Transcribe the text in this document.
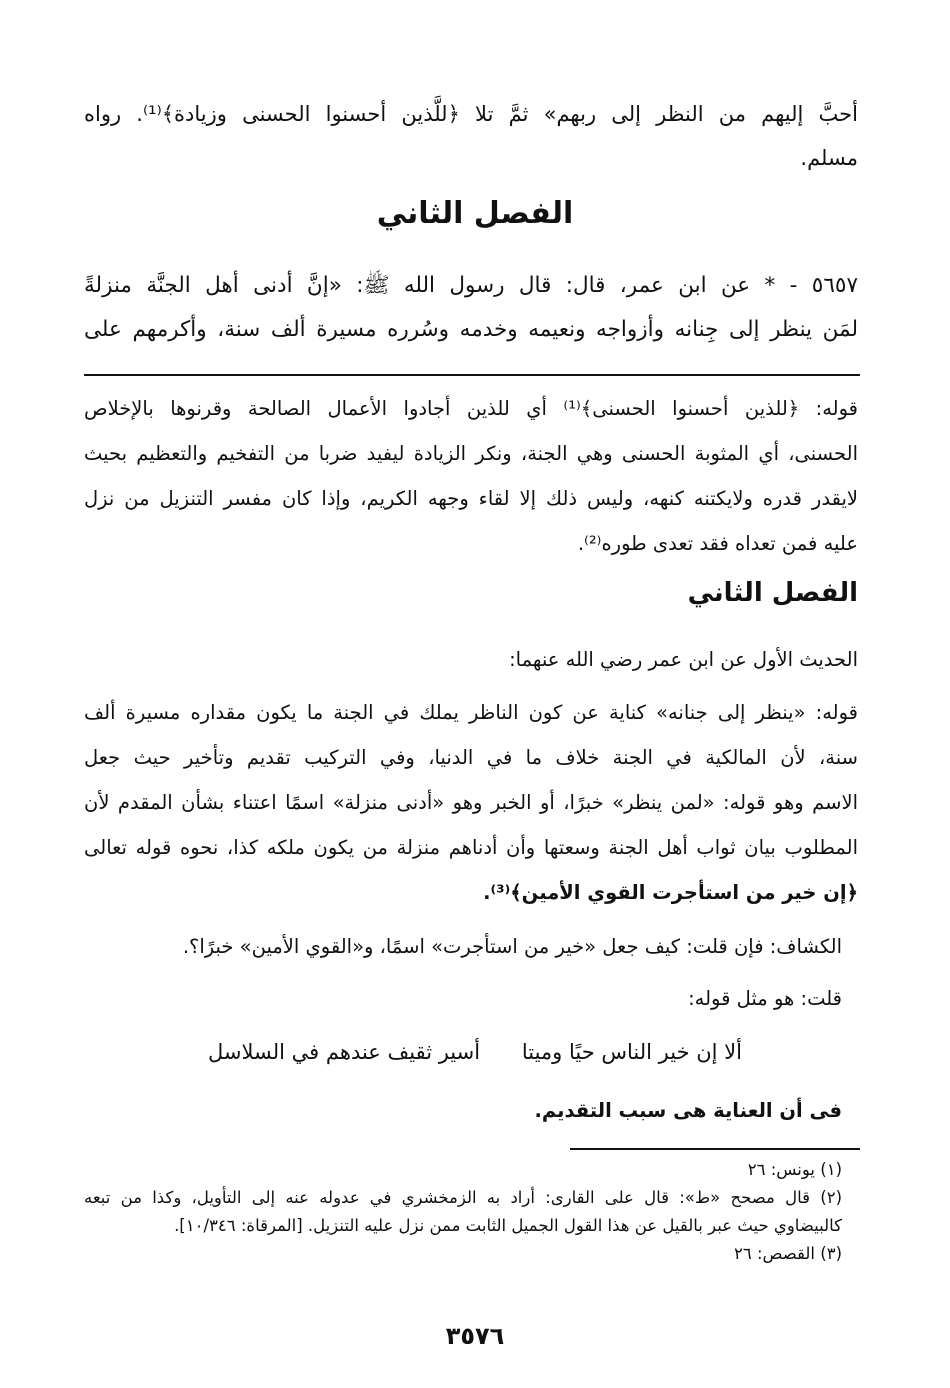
أحبَّ إليهم من النظر إلى ربهم» ثمَّ تلا ﴿للَّذين أحسنوا الحسنى وزيادة﴾⁽¹⁾. رواه
مسلم.
الفصل الثاني
٥٦٥٧ - * عن ابن عمر، قال: قال رسول الله ﷺ: «إنَّ أدنى أهل الجنَّة منزلةً
لمَن ينظر إلى جِنانه وأزواجه ونعيمه وخدمه وسُرره مسيرة ألف سنة، وأكرمهم على
قوله: ﴿للذين أحسنوا الحسنى﴾⁽¹⁾ أي للذين أجادوا الأعمال الصالحة وقرنوها بالإخلاص
الحسنى، أي المثوبة الحسنى وهي الجنة، ونكر الزيادة ليفيد ضربا من التفخيم والتعظيم بحيث
لايقدر قدره ولايكتنه كنهه، وليس ذلك إلا لقاء وجهه الكريم، وإذا كان مفسر التنزيل من نزل
عليه فمن تعداه فقد تعدى طوره⁽²⁾.
الفصل الثاني
الحديث الأول عن ابن عمر رضي الله عنهما:
قوله: «ينظر إلى جنانه» كناية عن كون الناظر يملك في الجنة ما يكون مقداره مسيرة ألف
سنة، لأن المالكية في الجنة خلاف ما في الدنيا، وفي التركيب تقديم وتأخير حيث جعل
الاسم وهو قوله: «لمن ينظر» خبرًا، أو الخبر وهو «أدنى منزلة» اسمًا اعتناء بشأن المقدم لأن
المطلوب بيان ثواب أهل الجنة وسعتها وأن أدناهم منزلة من يكون ملكه كذا، نحوه قوله تعالى
﴿إن خير من استأجرت القوي الأمين﴾⁽³⁾.
الكشاف: فإن قلت: كيف جعل «خير من استأجرت» اسمًا، و«القوي الأمين» خبرًا؟.
قلت: هو مثل قوله:
ألا إن خير الناس حيًا وميتا
أسير ثقيف عندهم في السلاسل
فى أن العناية هى سبب التقديم.
(١) يونس: ٢٦
(٢) قال مصحح «ط»: قال على القارى: أراد به الزمخشري في عدوله عنه إلى التأويل، وكذا من تبعه
كالبيضاوي حيث عبر بالقيل عن هذا القول الجميل الثابت ممن نزل عليه التنزيل. [المرقاة: ١٠/٣٤٦].
(٣) القصص: ٢٦
٣٥٧٦
